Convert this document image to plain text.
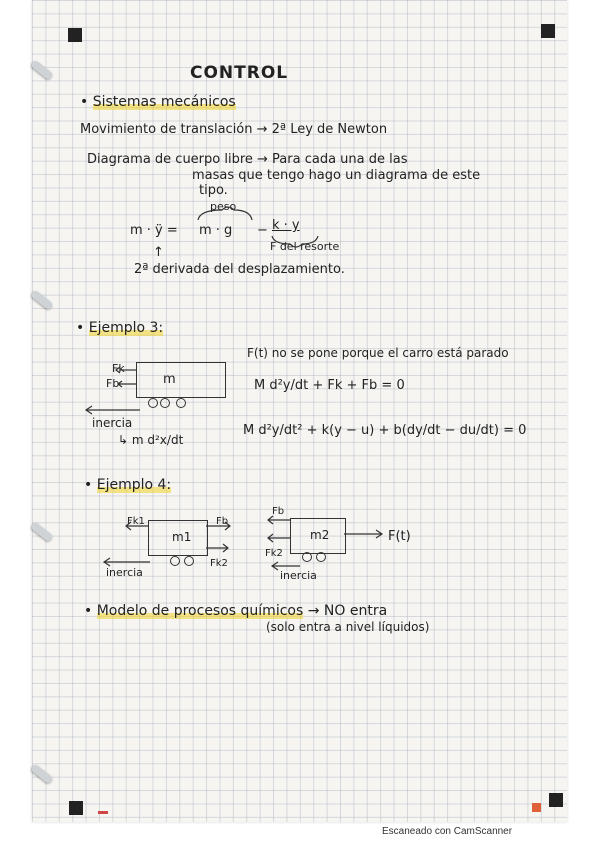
CONTROL
• Sistemas mecánicos
Movimiento de translación → 2ª Ley de Newton
Diagrama de cuerpo libre → Para cada una de las
masas que tengo hago un diagrama de este
tipo.
peso
m · ÿ = m · g − k · y
F del resorte
↑
2ª derivada del desplazamiento.
• Ejemplo 3:
Fk
Fb	m
inercia
↳ m d²x/dt
F(t) no se pone porque el carro está parado
M d²y/dt + Fk + Fb = 0
M d²y/dt² + k(y − u) + b(dy/dt − du/dt) = 0
• Ejemplo 4:
Fk1
m1
Fb
Fk2
inercia
Fb
m2	F(t)
Fk2
inercia
• Modelo de procesos químicos → NO entra
(solo entra a nivel líquidos)
Escaneado con CamScanner
